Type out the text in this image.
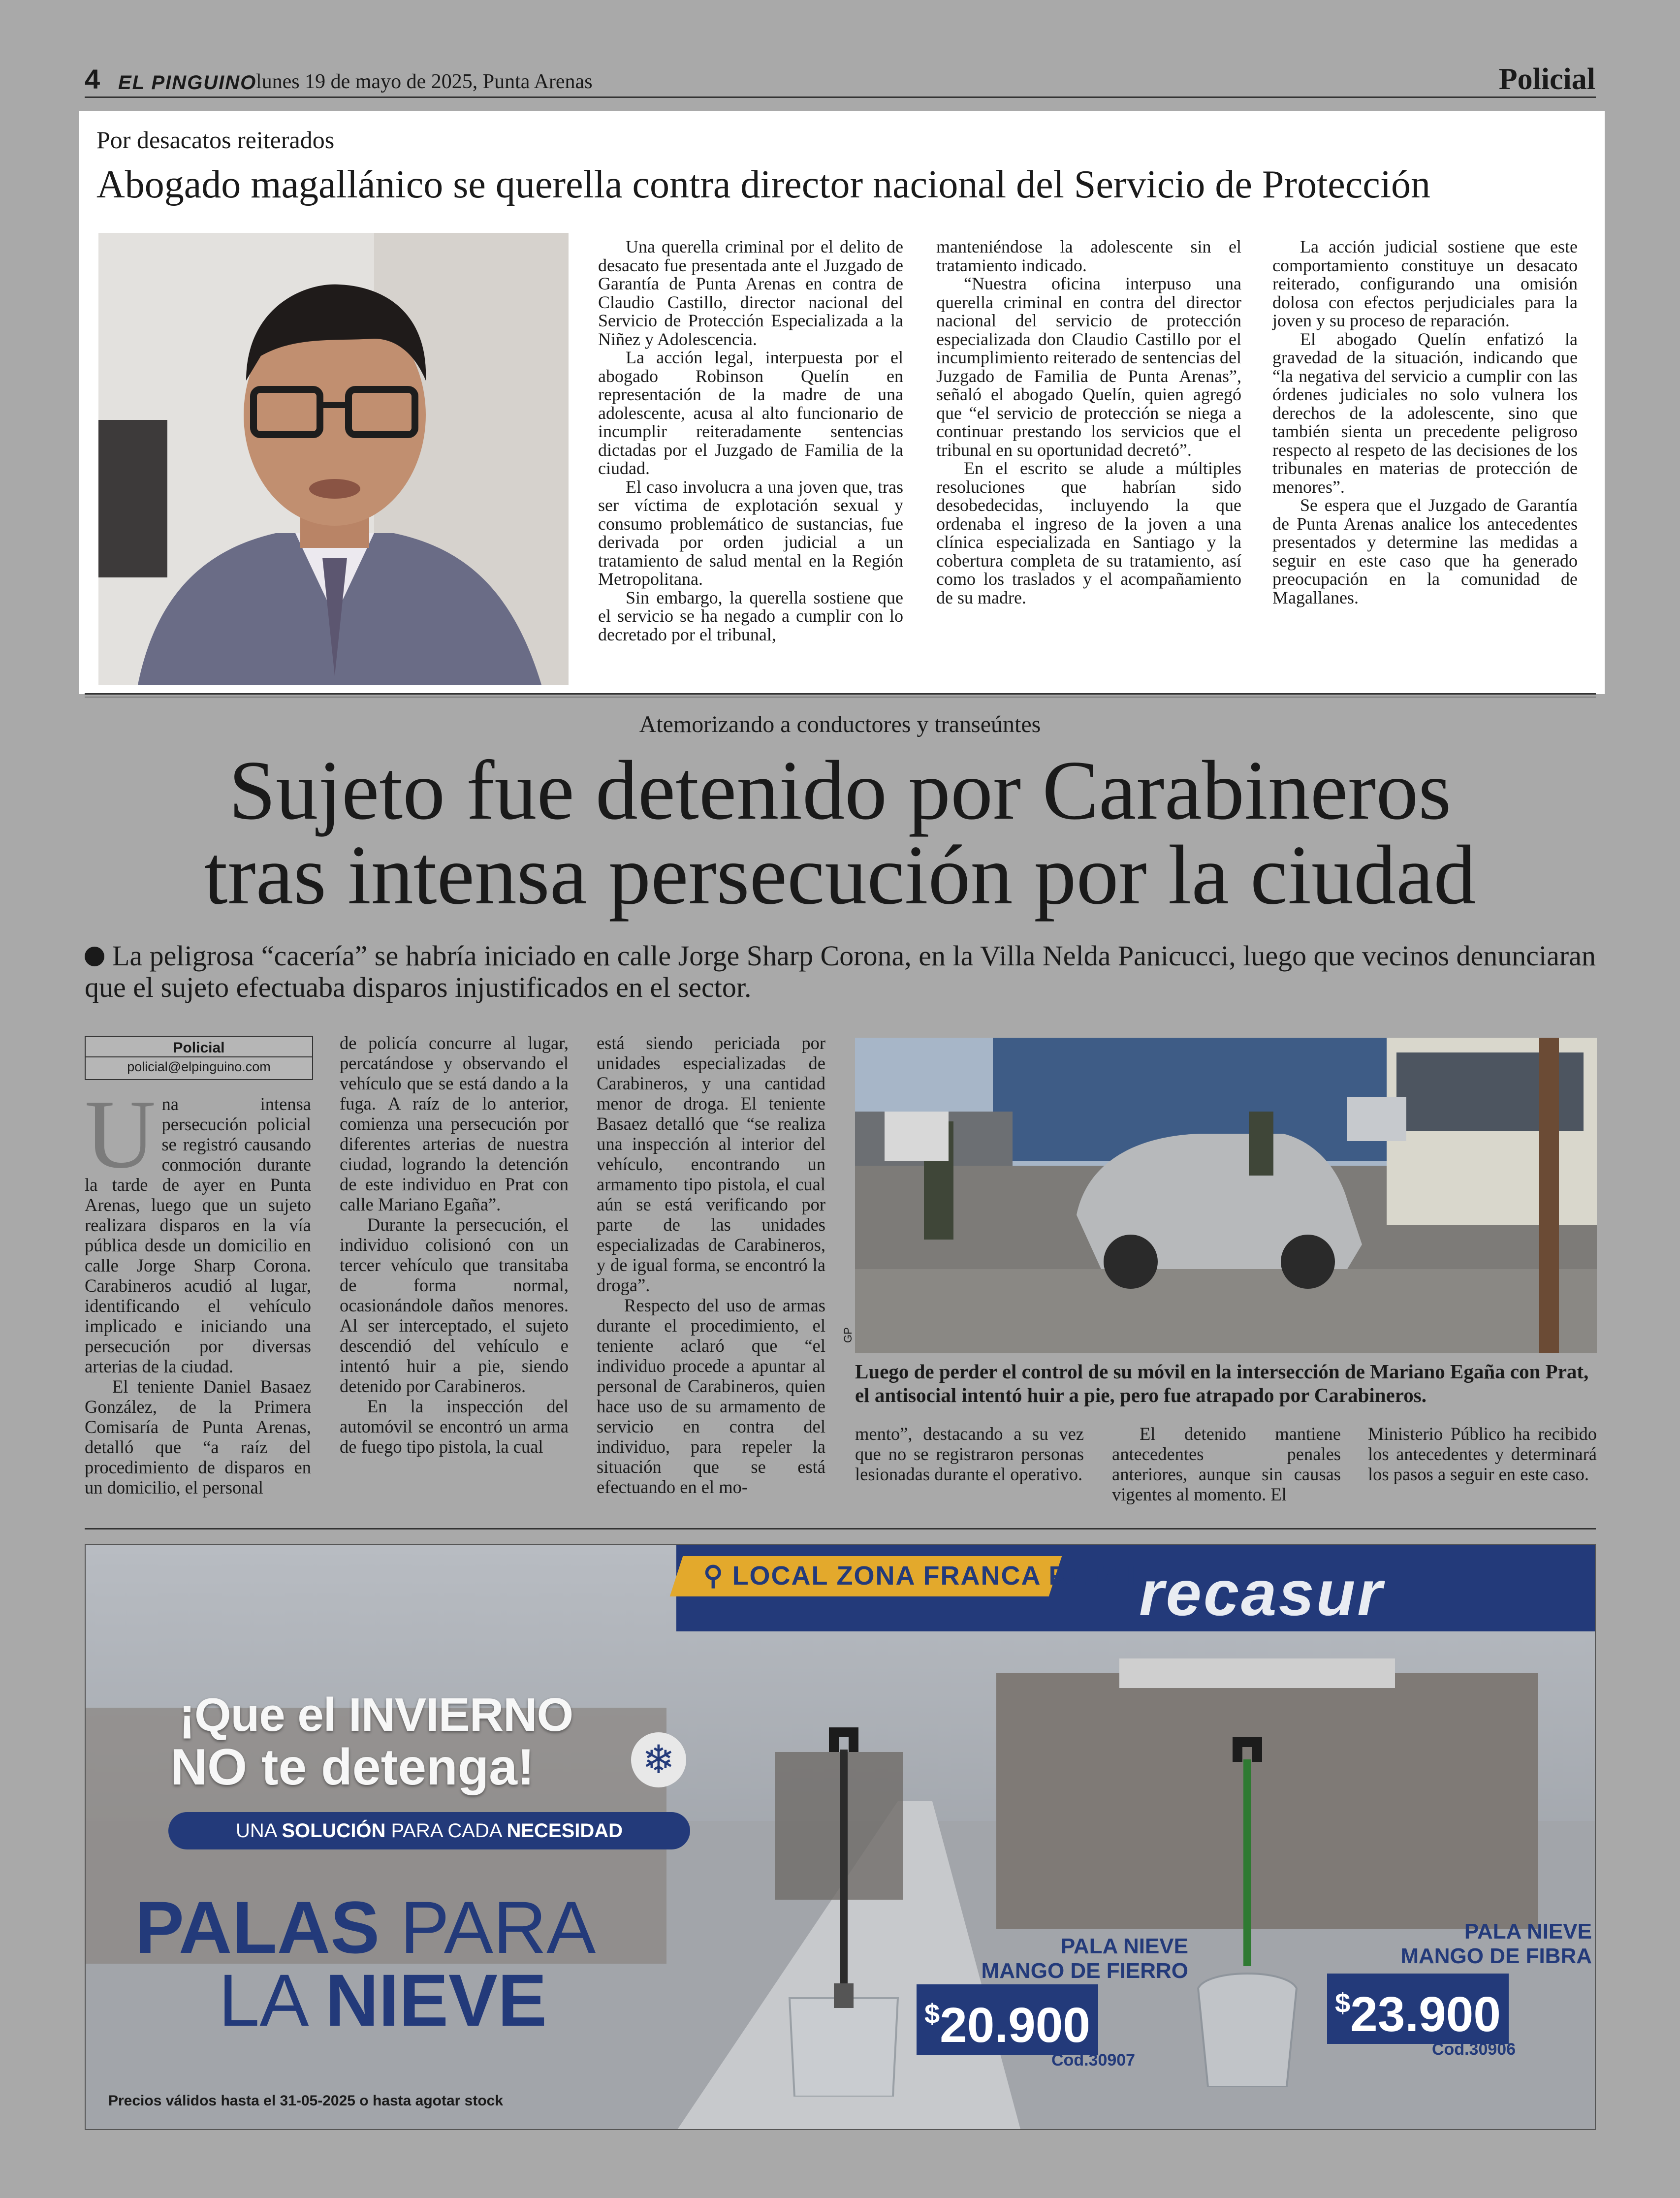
4 EL PINGUINO
lunes 19 de mayo de 2025, Punta Arenas	Policial
Por desacatos reiterados
Abogado magallánico se querella contra director nacional del Servicio de Protección

Una querella criminal por el delito de desacato fue presentada ante el Juzgado de Garantía de Punta Arenas en contra de Claudio Castillo, director nacional del Servicio de Protección Especializada a la Niñez y Adolescencia.

La acción legal, interpuesta por el abogado Robinson Quelín en representación de la madre de una adolescente, acusa al alto funcionario de incumplir reiteradamente sentencias dictadas por el Juzgado de Familia de la ciudad.

El caso involucra a una joven que, tras ser víctima de explotación sexual y consumo problemático de sustancias, fue derivada por orden judicial a un tratamiento de salud mental en la Región Metropolitana.

Sin embargo, la querella sostiene que el servicio se ha negado a cumplir con lo decretado por el tribunal,

manteniéndose la adolescente sin el tratamiento indicado.

“Nuestra oficina interpuso una querella criminal en contra del director nacional del servicio de protección especializada don Claudio Castillo por el incumplimiento reiterado de sentencias del Juzgado de Familia de Punta Arenas”, señaló el abogado Quelín, quien agregó que “el servicio de protección se niega a continuar prestando los servicios que el tribunal en su oportunidad decretó”.

En el escrito se alude a múltiples resoluciones que habrían sido desobedecidas, incluyendo la que ordenaba el ingreso de la joven a una clínica especializada en Santiago y la cobertura completa de su tratamiento, así como los traslados y el acompañamiento de su madre.

La acción judicial sostiene que este comportamiento constituye un desacato reiterado, configurando una omisión dolosa con efectos perjudiciales para la joven y su proceso de reparación.

El abogado Quelín enfatizó la gravedad de la situación, indicando que “la negativa del servicio a cumplir con las órdenes judiciales no solo vulnera los derechos de la adolescente, sino que también sienta un precedente peligroso respecto al respeto de las decisiones de los tribunales en materias de protección de menores”.

Se espera que el Juzgado de Garantía de Punta Arenas analice los antecedentes presentados y determine las medidas a seguir en este caso que ha generado preocupación en la comunidad de Magallanes.

Atemorizando a conductores y transeúntes
Sujeto fue detenido por Carabineros
tras intensa persecución por la ciudad
La peligrosa “cacería” se habría iniciado en calle Jorge Sharp Corona, en la Villa Nelda Panicucci, luego que vecinos denunciaran que el sujeto efectuaba disparos injustificados en el sector.
Policial
policial@elpinguino.com

Una intensa persecución policial se registró causando conmoción durante la tarde de ayer en Punta Arenas, luego que un sujeto realizara disparos en la vía pública desde un domicilio en calle Jorge Sharp Corona. Carabineros acudió al lugar, identificando el vehículo implicado e iniciando una persecución por diversas arterias de la ciudad.

El teniente Daniel Basaez González, de la Primera Comisaría de Punta Arenas, detalló que “a raíz del procedimiento de disparos en un domicilio, el personal

de policía concurre al lugar, percatándose y observando el vehículo que se está dando a la fuga. A raíz de lo anterior, comienza una persecución por diferentes arterias de nuestra ciudad, logrando la detención de este individuo en Prat con calle Mariano Egaña”.

Durante la persecución, el individuo colisionó con un tercer vehículo que transitaba de forma normal, ocasionándole daños menores. Al ser interceptado, el sujeto descendió del vehículo e intentó huir a pie, siendo detenido por Carabineros.

En la inspección del automóvil se encontró un arma de fuego tipo pistola, la cual

está siendo periciada por unidades especializadas de Carabineros, y una cantidad menor de droga. El teniente Basaez detalló que “se realiza una inspección al interior del vehículo, encontrando un armamento tipo pistola, el cual aún se está verificando por parte de las unidades especializadas de Carabineros, y de igual forma, se encontró la droga”.

Respecto del uso de armas durante el procedimiento, el teniente aclaró que “el individuo procede a apuntar al personal de Carabineros, quien hace uso de su armamento de servicio en contra del individuo, para repeler la situación que se está efectuando en el mo-

GP
Luego de perder el control de su móvil en la intersección de Mariano Egaña con Prat, el antisocial intentó huir a pie, pero fue atrapado por Carabineros.

mento”, destacando a su vez que no se registraron personas lesionadas durante el operativo.

El detenido mantiene antecedentes penales anteriores, aunque sin causas vigentes al momento. El

Ministerio Público ha recibido los antecedentes y determinará los pasos a seguir en este caso.

⚲ LOCAL ZONA FRANCA RETAIL
recasur
¡Que el INVIERNO
NO te detenga!	❄
UNA SOLUCIÓN PARA CADA NECESIDAD
PALAS PARA
LA NIEVE
PALA NIEVE
MANGO DE FIERRO
$20.900
Cod.30907
PALA NIEVE
MANGO DE FIBRA
$23.900
Cod.30906
Precios válidos hasta el 31-05-2025 o hasta agotar stock
